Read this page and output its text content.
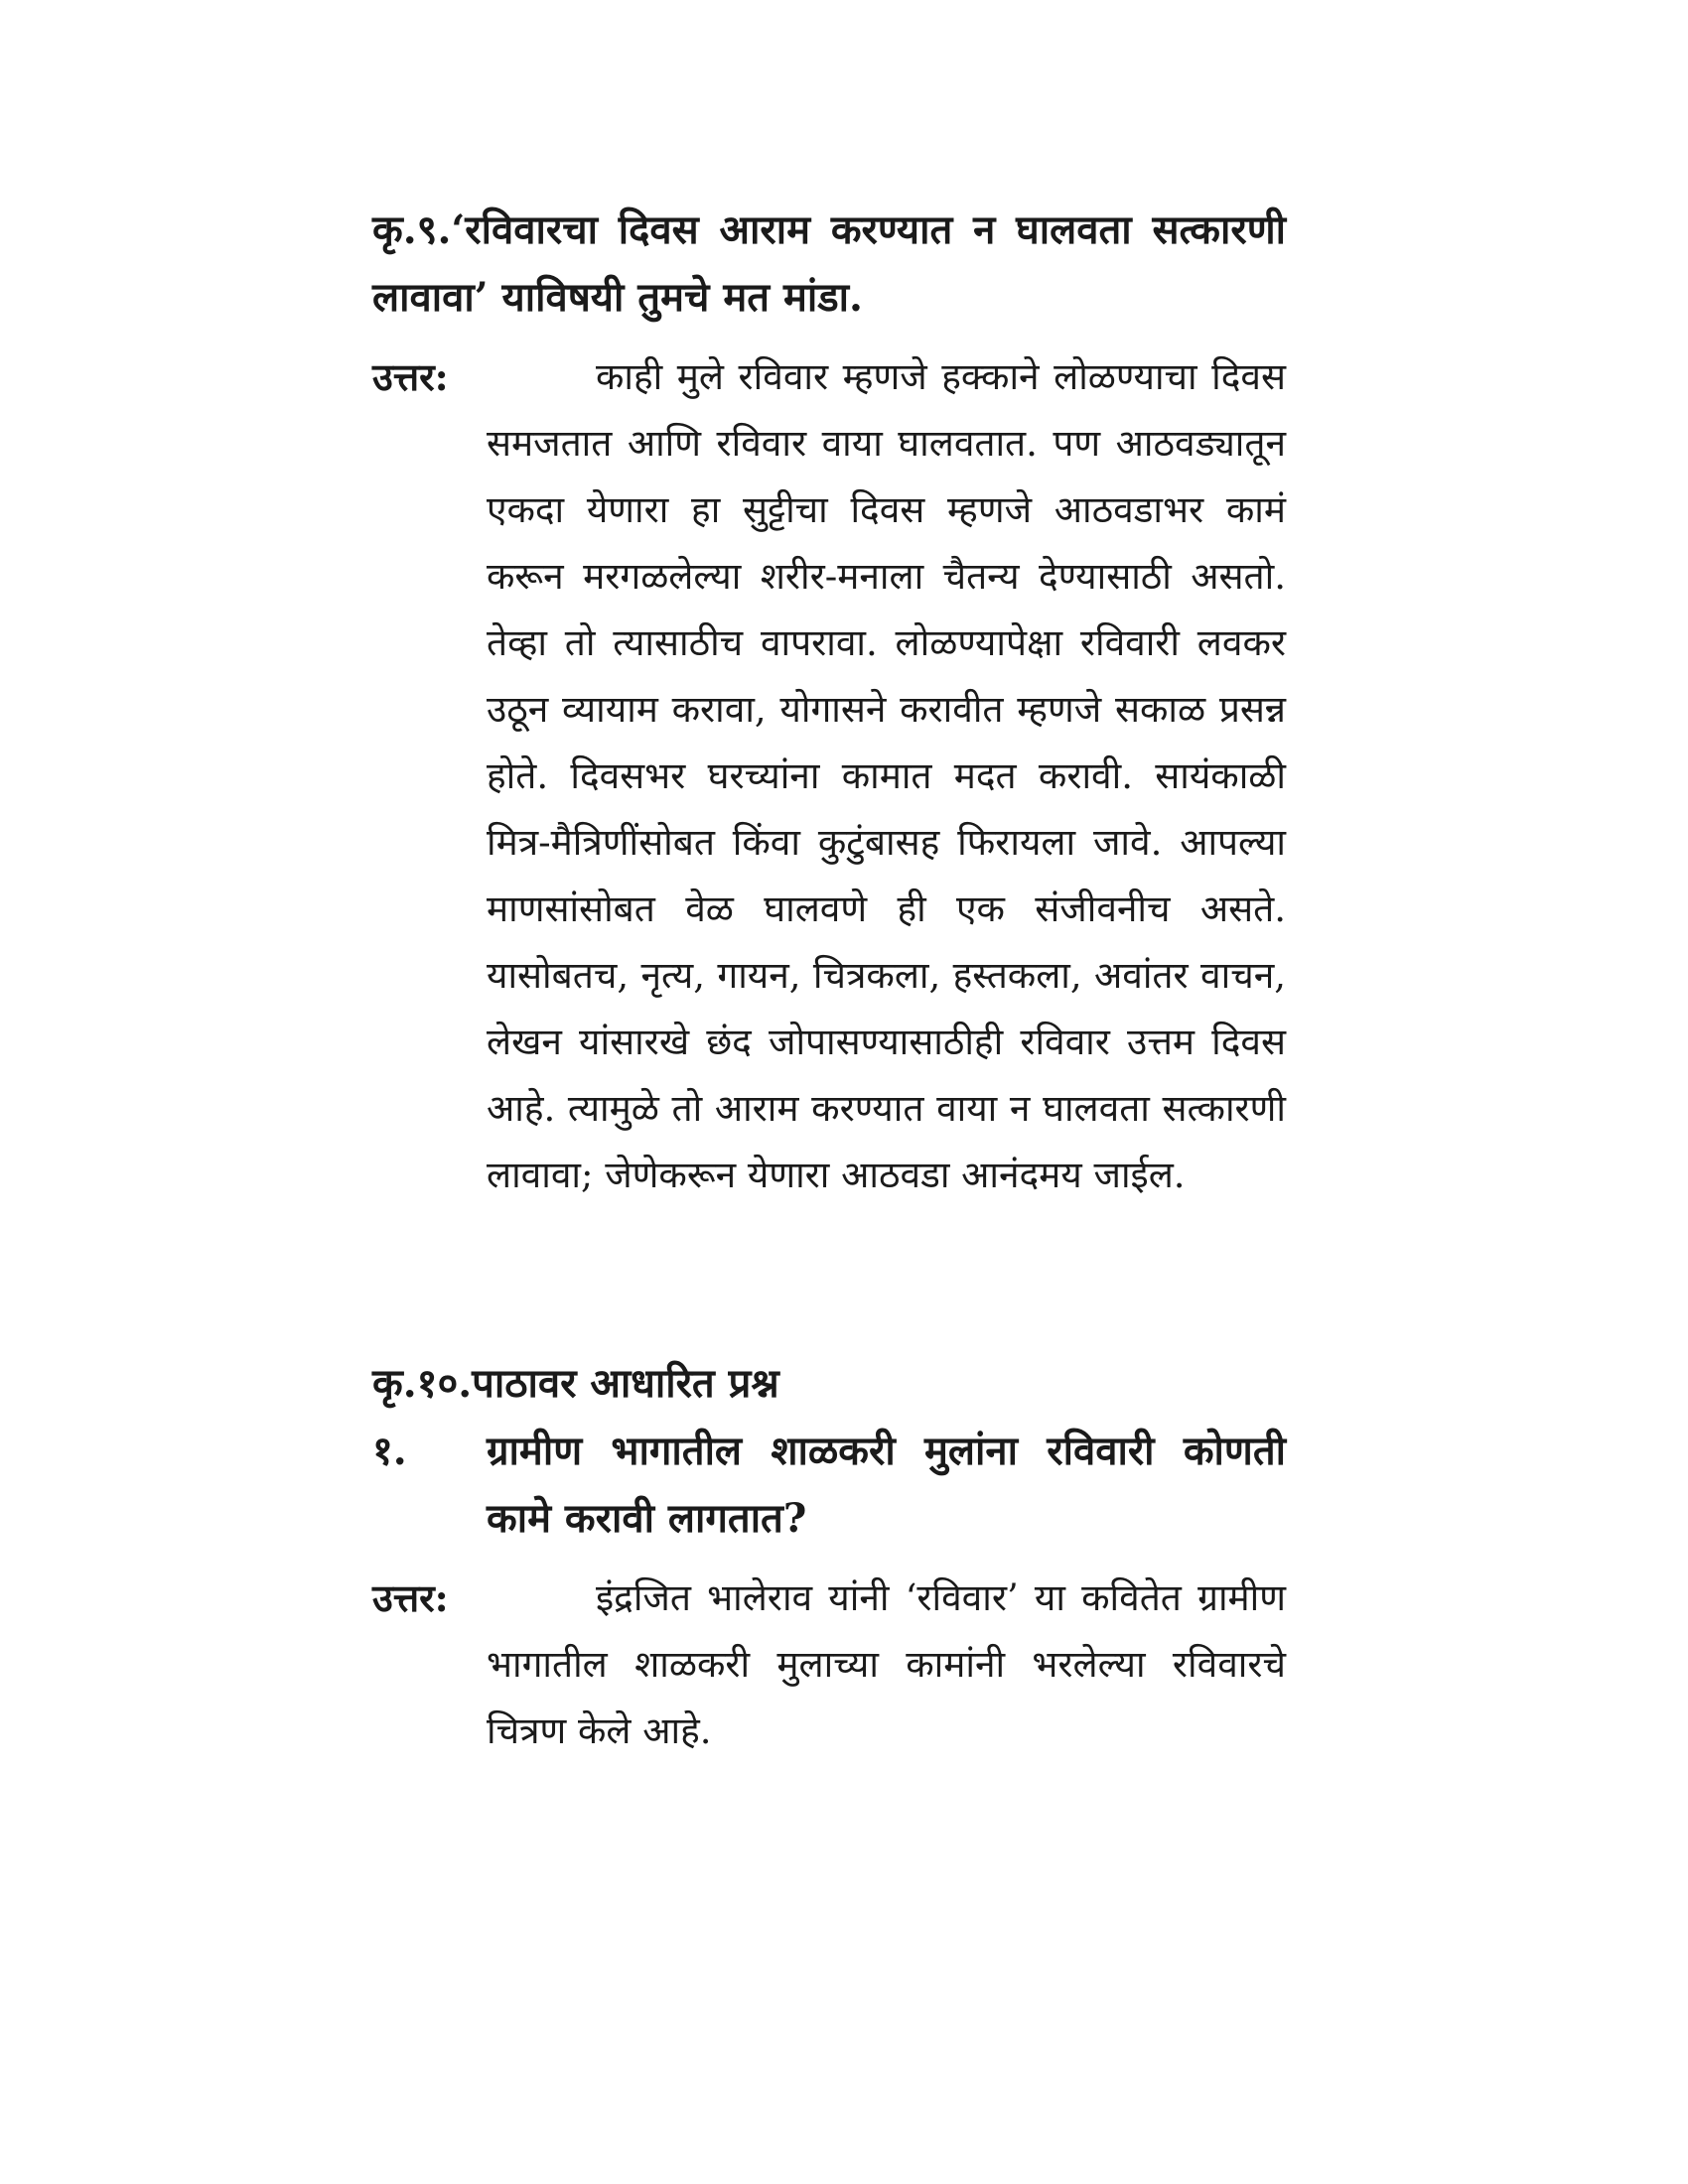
कृ.९.‘रविवारचा दिवस आराम करण्यात न घालवता सत्कारणी लावावा’ याविषयी तुमचे मत मांडा.
उत्तर:	काही मुले रविवार म्हणजे हक्काने लोळण्याचा दिवस समजतात आणि रविवार वाया घालवतात. पण आठवड्यातून एकदा येणारा हा सुट्टीचा दिवस म्हणजे आठवडाभर कामं करून मरगळलेल्या शरीर-मनाला चैतन्य देण्यासाठी असतो. तेव्हा तो त्यासाठीच वापरावा. लोळण्यापेक्षा रविवारी लवकर उठून व्यायाम करावा, योगासने करावीत म्हणजे सकाळ प्रसन्न होते. दिवसभर घरच्यांना कामात मदत करावी. सायंकाळी मित्र-मैत्रिणींसोबत किंवा कुटुंबासह फिरायला जावे. आपल्या माणसांसोबत वेळ घालवणे ही एक संजीवनीच असते. यासोबतच, नृत्य, गायन, चित्रकला, हस्तकला, अवांतर वाचन, लेखन यांसारखे छंद जोपासण्यासाठीही रविवार उत्तम दिवस आहे. त्यामुळे तो आराम करण्यात वाया न घालवता सत्कारणी लावावा; जेणेकरून येणारा आठवडा आनंदमय जाईल.
कृ.१०.पाठावर आधारित प्रश्न
१.	ग्रामीण भागातील शाळकरी मुलांना रविवारी कोणती कामे करावी लागतात?
उत्तर:	इंद्रजित भालेराव यांनी ‘रविवार’ या कवितेत ग्रामीण भागातील शाळकरी मुलाच्या कामांनी भरलेल्या रविवारचे चित्रण केले आहे.
